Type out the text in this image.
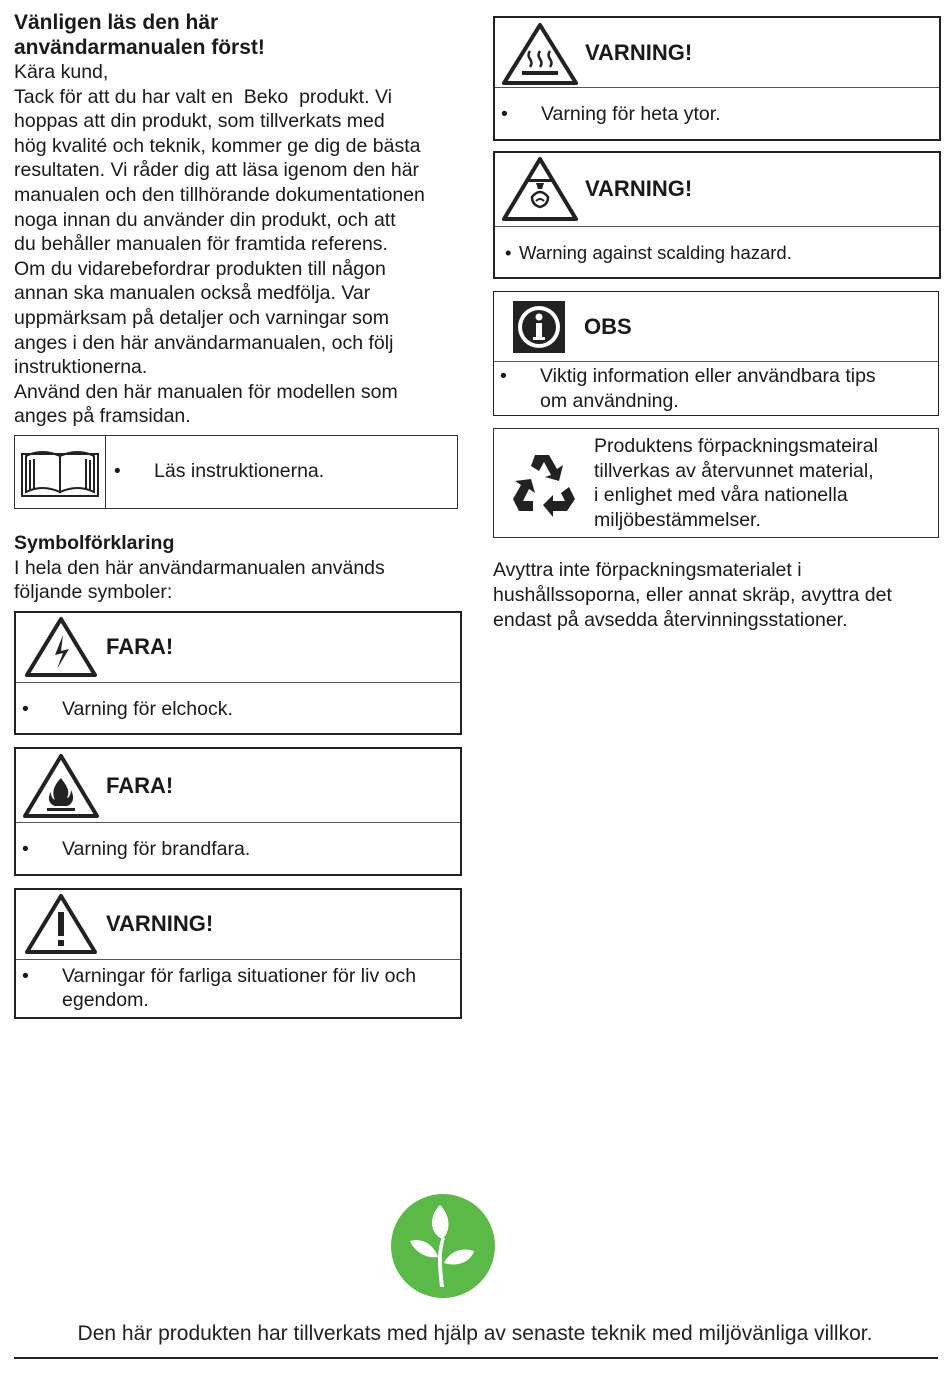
Vänligen läs den här

användarmanualen först!

Kära kund,

Tack för att du har valt en  Beko  produkt. Vi

hoppas att din produkt, som tillverkats med

hög kvalité och teknik, kommer ge dig de bästa

resultaten. Vi råder dig att läsa igenom den här

manualen och den tillhörande dokumentationen

noga innan du använder din produkt, och att

du behåller manualen för framtida referens.

Om du vidarebefordrar produkten till någon

annan ska manualen också medfölja. Var

uppmärksam på detaljer och varningar som

anges i den här användarmanualen, och följ

instruktionerna.

Använd den här manualen för modellen som

anges på framsidan.

•	Läs instruktionerna.

Symbolförklaring

I hela den här användarmanualen används

följande symboler:

FARA!
•	Varning för elchock.
FARA!
•	Varning för brandfara.
VARNING!
•	Varningar för farliga situationer för liv och
egendom.
VARNING!
•	Varning för heta ytor.
VARNING!
• Warning against scalding hazard.
OBS
•	Viktig information eller användbara tips
om användning.
Produktens förpackningsmateiral
tillverkas av återvunnet material,
i enlighet med våra nationella
miljöbestämmelser.

Avyttra inte förpackningsmaterialet i

hushållssoporna, eller annat skräp, avyttra det

endast på avsedda återvinningsstationer.

Den här produkten har tillverkats med hjälp av senaste teknik med miljövänliga villkor.
